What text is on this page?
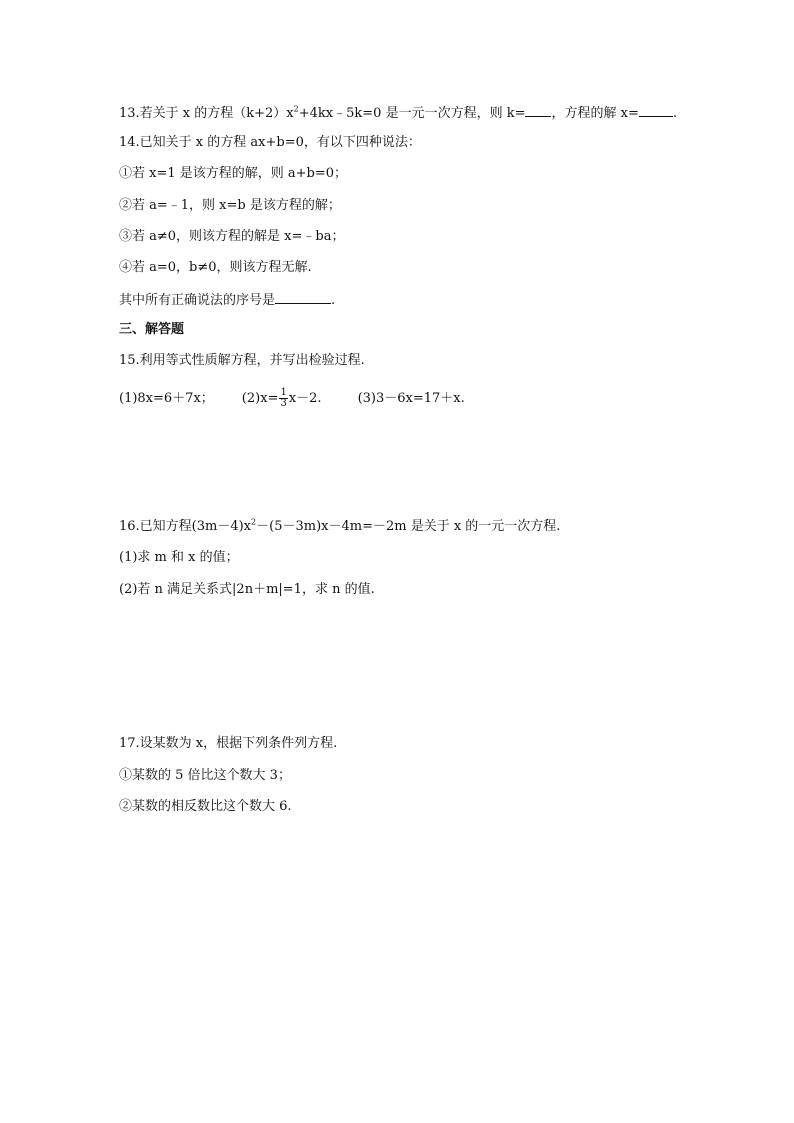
13.若关于 x 的方程$(k+2)x^2+4kx﹣5k=0$ 是一元一次方程，则 k= ，方程的解 x=	.
14.已知关于 x 的方程 ax+b=0，有以下四种说法：
①若 x=1 是该方程的解，则 a+b=0；
②若 a=﹣1，则 x=b 是该方程的解；
③若 a≠0，则该方程的解是 x=﹣ba；
④若 a=0，b≠0，则该方程无解.
其中所有正确说法的序号是	.
三、解答题
15.利用等式性质解方程，并写出检验过程.
(1)8x=6＋7x； $(2)x= \frac{1}{3} x-2$.	(3)3－6x=17＋x.
16.已知方程$(3m-4)x^2-(5-3m)x-4m=-2m$ 是关于 x 的一元一次方程.
(1)求 m 和 x 的值；
(2)若 n 满足关系式|2n＋m|=1，求 n 的值.
17.设某数为 x，根据下列条件列方程.
①某数的 5 倍比这个数大 3；
②某数的相反数比这个数大 6.
